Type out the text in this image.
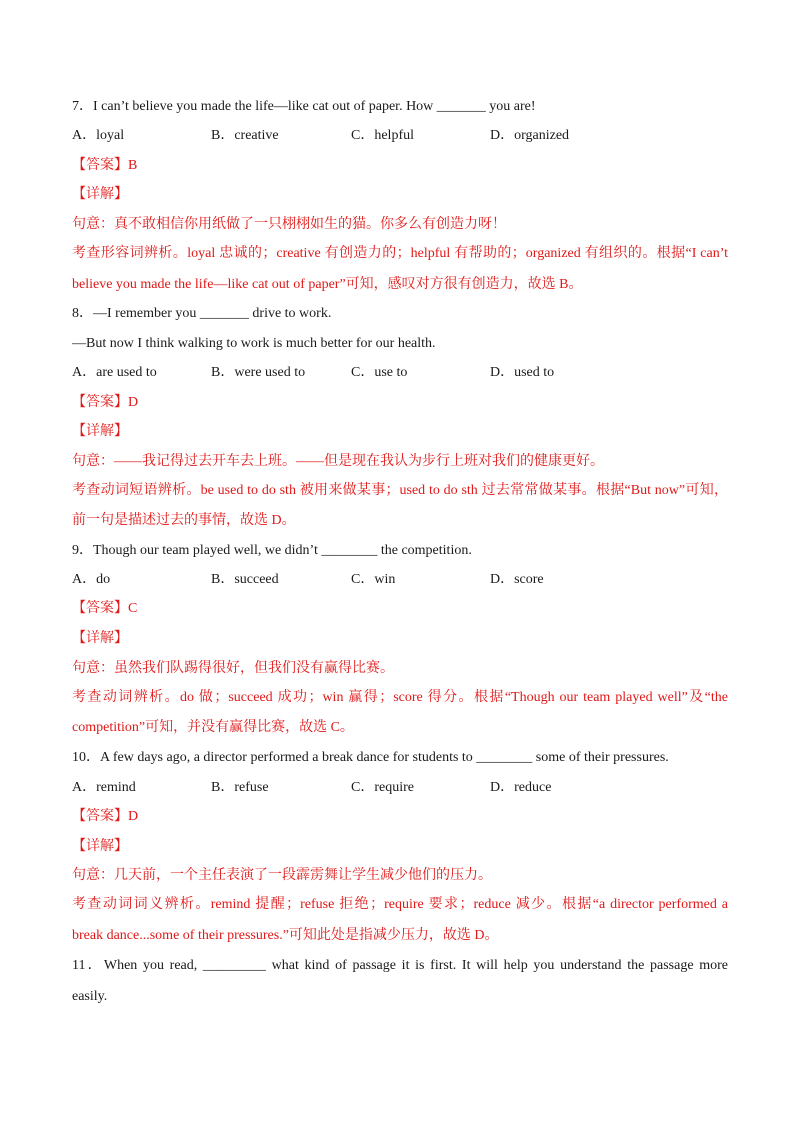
7．I can’t believe you made the life—like cat out of paper. How _______ you are!
A．loyal	B．creative	C．helpful	D．organized
【答案】B
【详解】
句意：真不敢相信你用纸做了一只栩栩如生的猫。你多么有创造力呀！
考查形容词辨析。loyal 忠诚的；creative 有创造力的；helpful 有帮助的；organized 有组织的。根据“I can’t
believe you made the life—like cat out of paper”可知，感叹对方很有创造力，故选 B。
8．—I remember you _______ drive to work.
—But now I think walking to work is much better for our health.
A．are used to	B．were used to	C．use to	D．used to
【答案】D
【详解】
句意：——我记得过去开车去上班。——但是现在我认为步行上班对我们的健康更好。
考查动词短语辨析。be used to do sth 被用来做某事；used to do sth 过去常常做某事。根据“But now”可知，
前一句是描述过去的事情，故选 D。
9．Though our team played well, we didn’t ________ the competition.
A．do	B．succeed	C．win	D．score
【答案】C
【详解】
句意：虽然我们队踢得很好，但我们没有赢得比赛。
考查动词辨析。do 做；succeed 成功；win 赢得；score 得分。根据“Though our team played well”及“the
competition”可知，并没有赢得比赛，故选 C。
10．A few days ago, a director performed a break dance for students to ________ some of their pressures.
A．remind	B．refuse	C．require	D．reduce
【答案】D
【详解】
句意：几天前，一个主任表演了一段霹雳舞让学生减少他们的压力。
考查动词词义辨析。remind 提醒；refuse 拒绝；require 要求；reduce 减少。根据“a director performed a
break dance...some of their pressures.”可知此处是指减少压力，故选 D。
11．When you read, _________ what kind of passage it is first. It will help you understand the passage more
easily.
